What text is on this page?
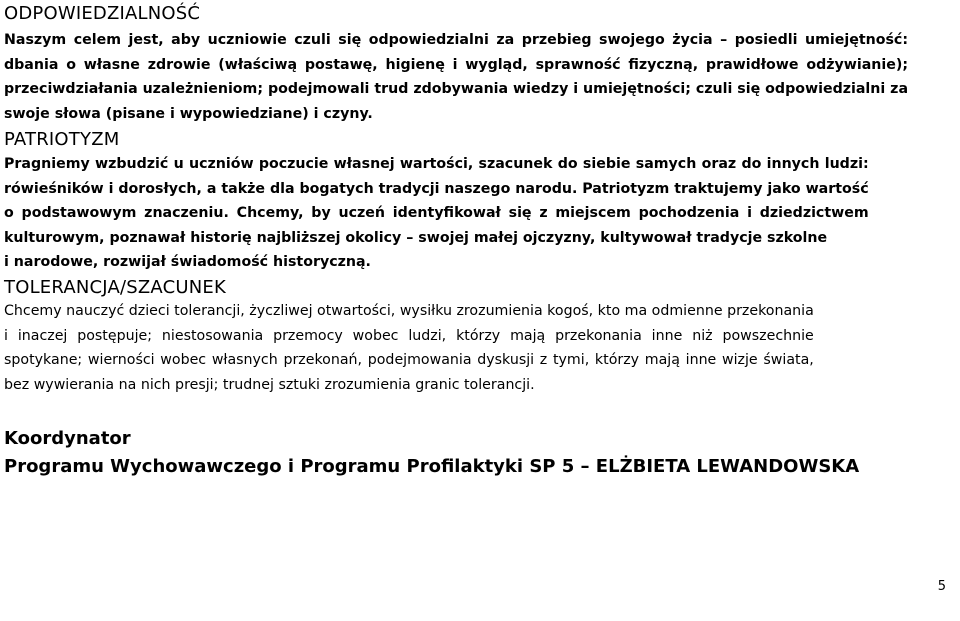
ODPOWIEDZIALNOŚĆ
Naszym celem jest, aby uczniowie czuli się odpowiedzialni za przebieg swojego życia – posiedli umiejętność:
dbania o własne zdrowie (właściwą postawę, higienę i wygląd, sprawność fizyczną, prawidłowe odżywianie);
przeciwdziałania uzależnieniom; podejmowali trud zdobywania wiedzy i umiejętności; czuli się odpowiedzialni za
swoje słowa (pisane i wypowiedziane) i czyny.
PATRIOTYZM
Pragniemy wzbudzić u uczniów poczucie własnej wartości, szacunek do siebie samych oraz do innych ludzi:
rówieśników i dorosłych, a także dla bogatych tradycji naszego narodu. Patriotyzm traktujemy jako wartość
o podstawowym znaczeniu. Chcemy, by uczeń identyfikował się z miejscem pochodzenia i dziedzictwem
kulturowym, poznawał historię najbliższej okolicy – swojej małej ojczyzny, kultywował tradycje szkolne
i narodowe, rozwijał świadomość historyczną.
TOLERANCJA/SZACUNEK
Chcemy nauczyć dzieci tolerancji, życzliwej otwartości, wysiłku zrozumienia kogoś, kto ma odmienne przekonania
i inaczej postępuje; niestosowania przemocy wobec ludzi, którzy mają przekonania inne niż powszechnie
spotykane; wierności wobec własnych przekonań, podejmowania dyskusji z tymi, którzy mają inne wizje świata,
bez wywierania na nich presji; trudnej sztuki zrozumienia granic tolerancji.
Koordynator
Programu Wychowawczego i Programu Profilaktyki SP 5 – ELŻBIETA LEWANDOWSKA
5
